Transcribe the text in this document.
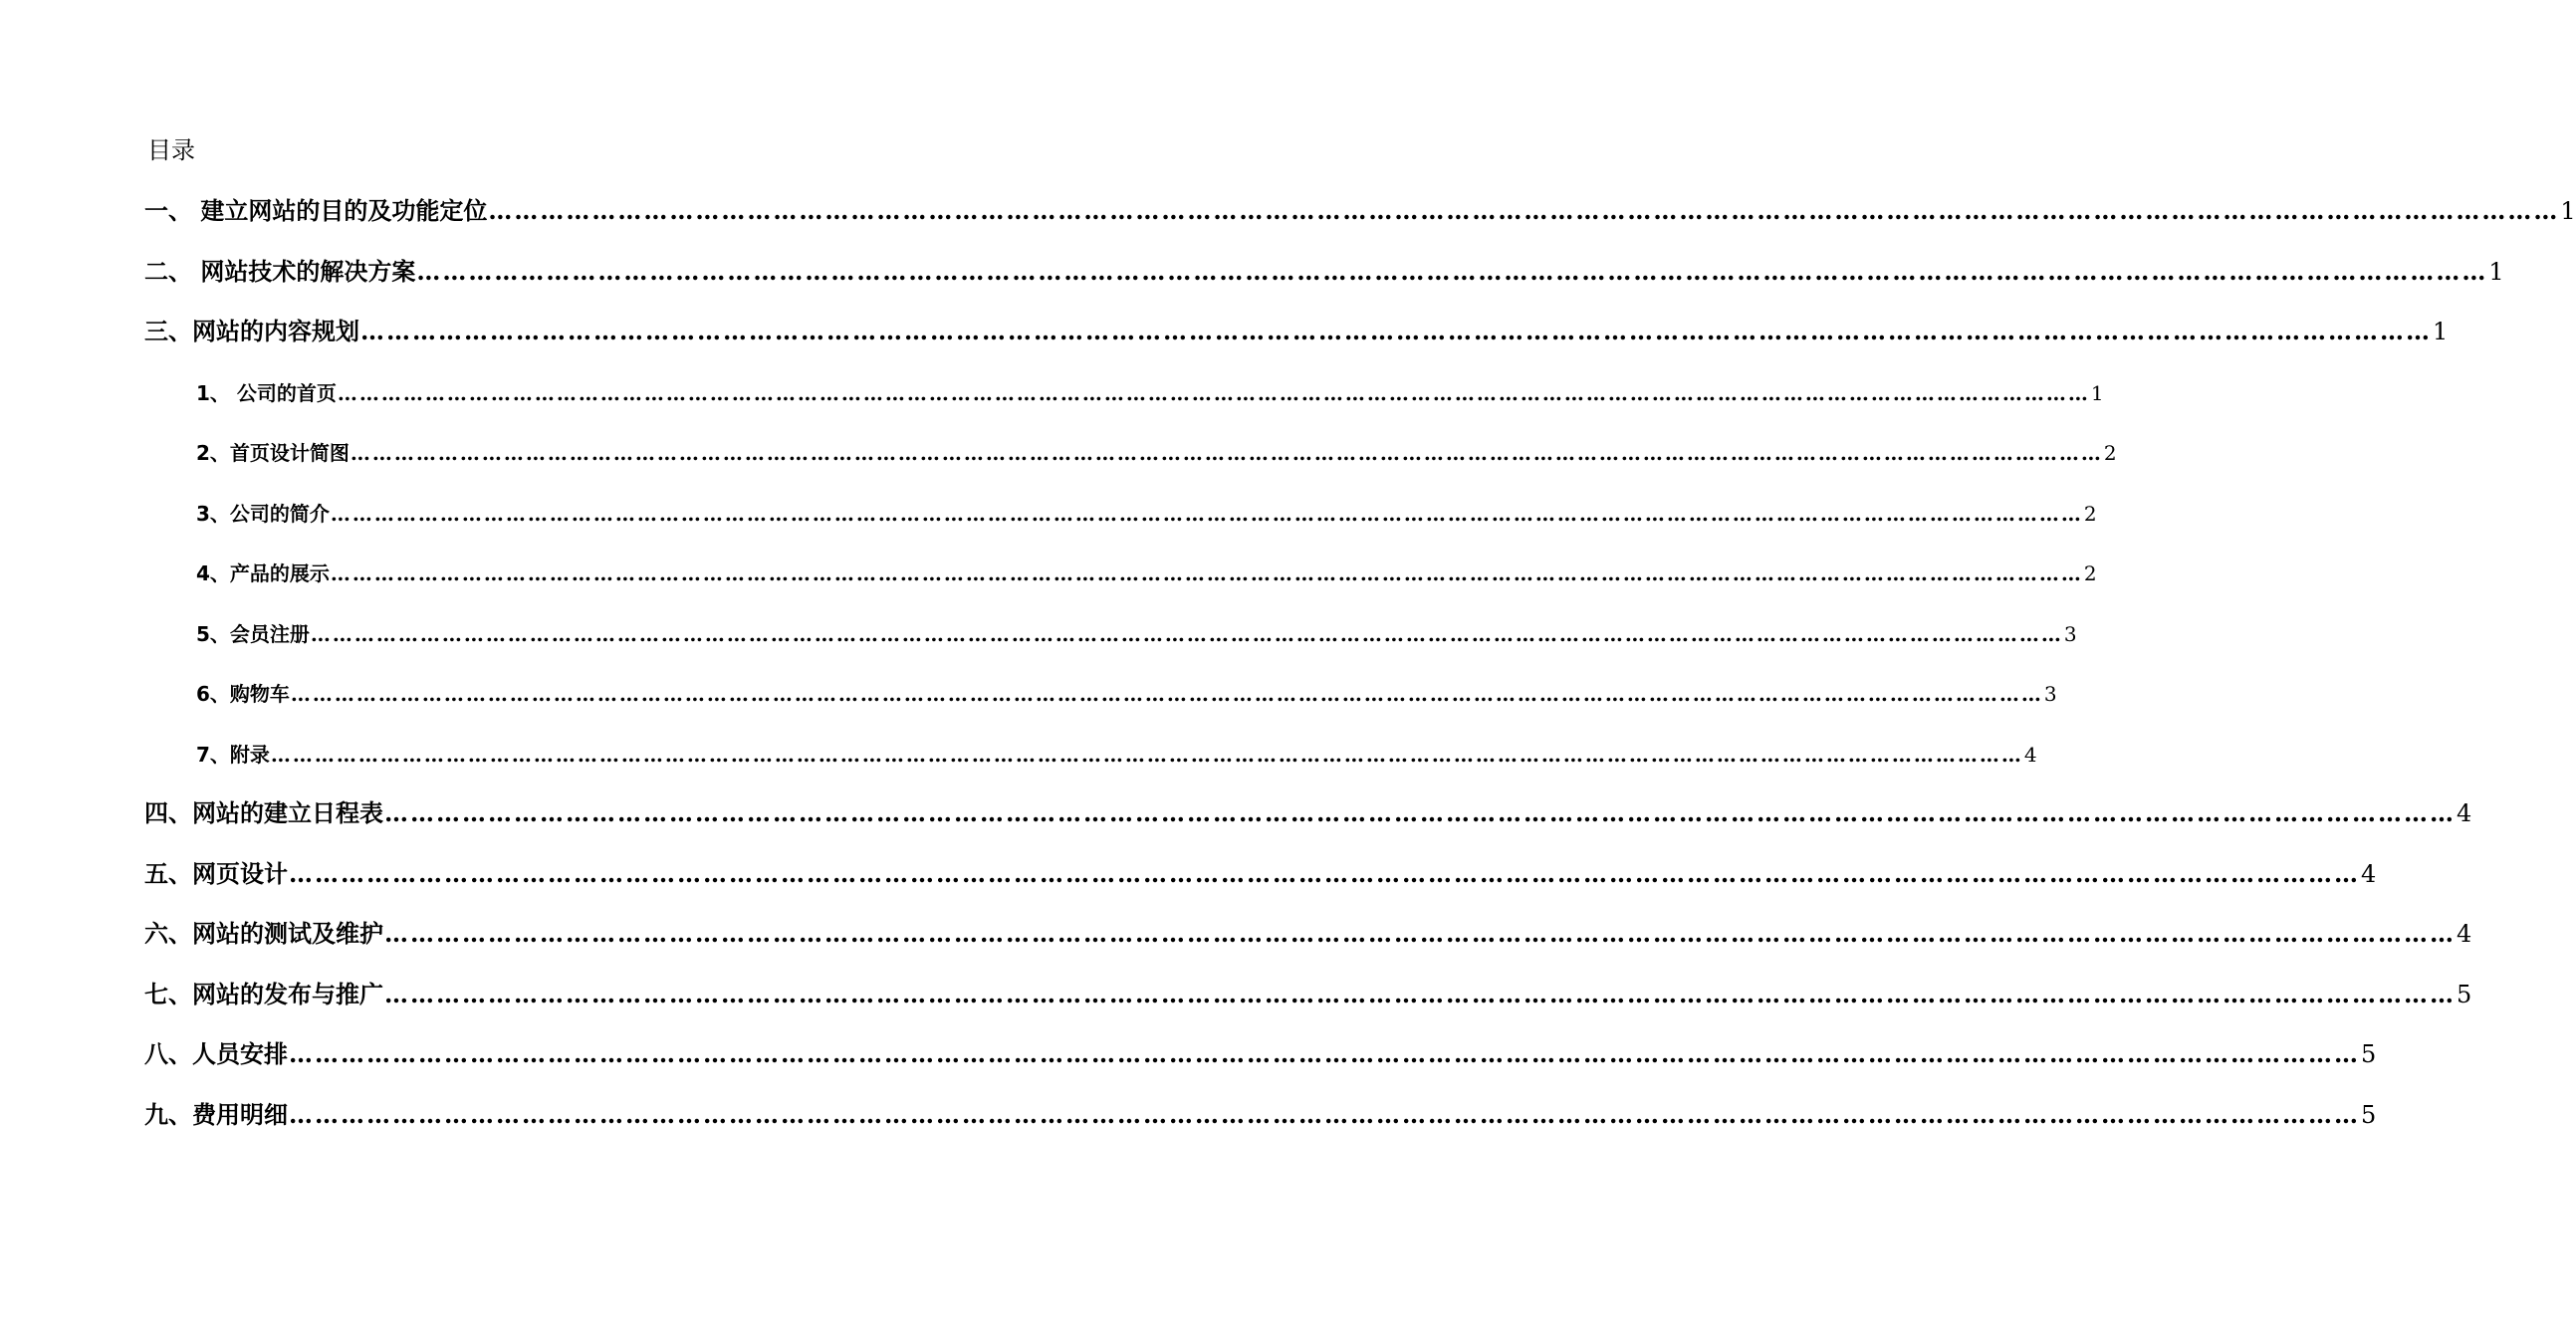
目录
一、 建立网站的目的及功能定位 …………………………………………………………………………………………………………………………………………………………………………………………………………………… 1
二、 网站技术的解决方案 …………………………………………………………………………………………………………………………………………………………………………………………………………………… 1
三、网站的内容规划 …………………………………………………………………………………………………………………………………………………………………………………………………………………… 1
1、 公司的首页 …………………………………………………………………………………………………………………………………………………………………………………………………………………… 1
2、首页设计简图 …………………………………………………………………………………………………………………………………………………………………………………………………………………… 2
3、公司的简介 …………………………………………………………………………………………………………………………………………………………………………………………………………………… 2
4、产品的展示 …………………………………………………………………………………………………………………………………………………………………………………………………………………… 2
5、会员注册 …………………………………………………………………………………………………………………………………………………………………………………………………………………… 3
6、购物车 …………………………………………………………………………………………………………………………………………………………………………………………………………………… 3
7、附录 …………………………………………………………………………………………………………………………………………………………………………………………………………………… 4
四、网站的建立日程表 …………………………………………………………………………………………………………………………………………………………………………………………………………………… 4
五、网页设计 …………………………………………………………………………………………………………………………………………………………………………………………………………………… 4
六、网站的测试及维护 …………………………………………………………………………………………………………………………………………………………………………………………………………………… 4
七、网站的发布与推广 …………………………………………………………………………………………………………………………………………………………………………………………………………………… 5
八、人员安排 …………………………………………………………………………………………………………………………………………………………………………………………………………………… 5
九、费用明细 …………………………………………………………………………………………………………………………………………………………………………………………………………………… 5
